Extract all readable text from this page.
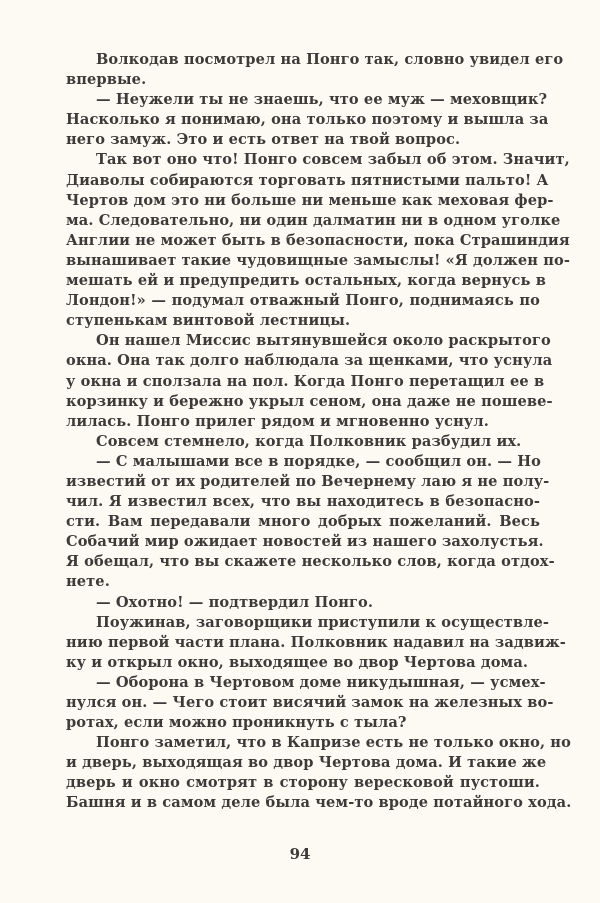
Волкодав посмотрел на Понго так, словно увидел его
впервые.
— Неужели ты не знаешь, что ее муж — меховщик?
Насколько я понимаю, она только поэтому и вышла за
него замуж. Это и есть ответ на твой вопрос.
Так вот оно что! Понго совсем забыл об этом. Значит,
Диаволы собираются торговать пятнистыми пальто! А
Чертов дом это ни больше ни меньше как меховая фер-
ма. Следовательно, ни один далматин ни в одном уголке
Англии не может быть в безопасности, пока Страшиндия
вынашивает такие чудовищные замыслы! «Я должен по-
мешать ей и предупредить остальных, когда вернусь в
Лондон!» — подумал отважный Понго, поднимаясь по
ступенькам винтовой лестницы.
Он нашел Миссис вытянувшейся около раскрытого
окна. Она так долго наблюдала за щенками, что уснула
у окна и сползала на пол. Когда Понго перетащил ее в
корзинку и бережно укрыл сеном, она даже не пошеве-
лилась. Понго прилег рядом и мгновенно уснул.
Совсем стемнело, когда Полковник разбудил их.
— С малышами все в порядке, — сообщил он. — Но
известий от их родителей по Вечернему лаю я не полу-
чил. Я известил всех, что вы находитесь в безопасно-
сти. Вам передавали много добрых пожеланий. Весь
Собачий мир ожидает новостей из нашего захолустья.
Я обещал, что вы скажете несколько слов, когда отдох-
нете.
— Охотно! — подтвердил Понго.
Поужинав, заговорщики приступили к осуществле-
нию первой части плана. Полковник надавил на задвиж-
ку и открыл окно, выходящее во двор Чертова дома.
— Оборона в Чертовом доме никудышная, — усмех-
нулся он. — Чего стоит висячий замок на железных во-
ротах, если можно проникнуть с тыла?
Понго заметил, что в Капризе есть не только окно, но
и дверь, выходящая во двор Чертова дома. И такие же
дверь и окно смотрят в сторону вересковой пустоши.
Башня и в самом деле была чем-то вроде потайного хода.
94
